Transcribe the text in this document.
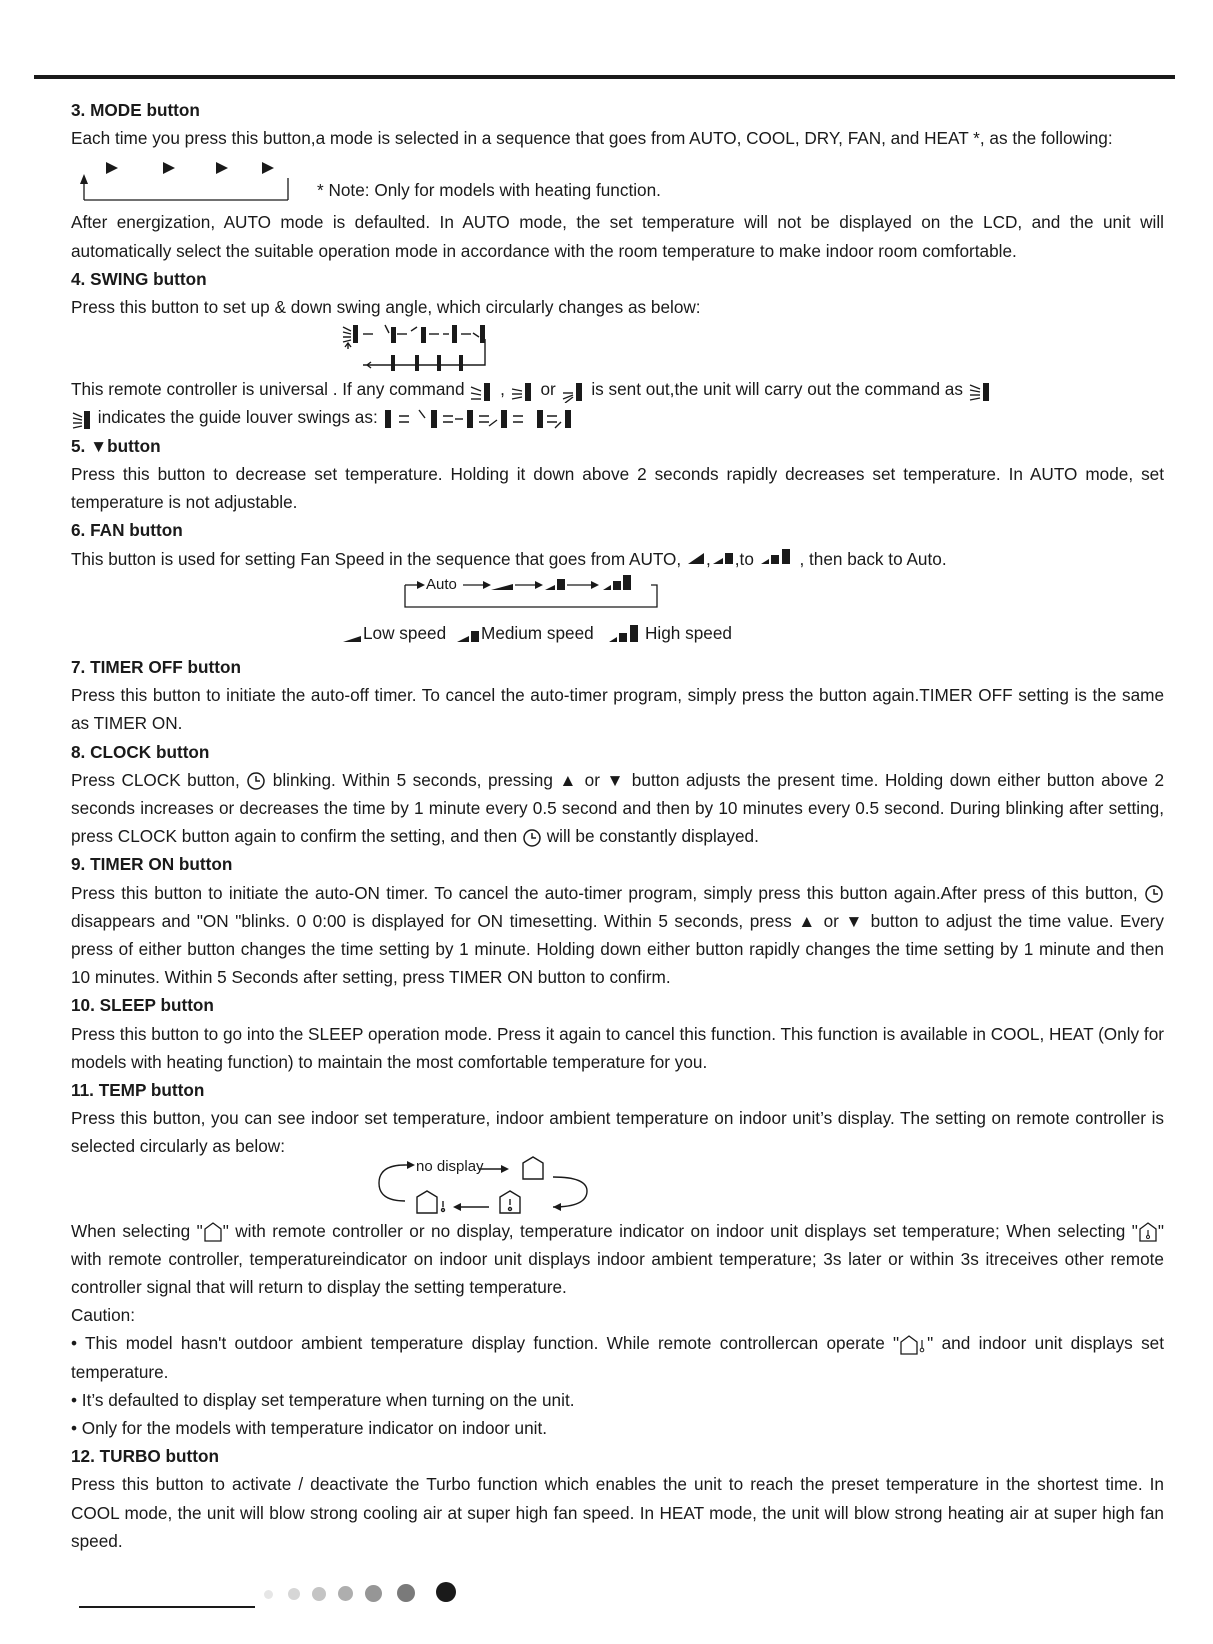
3. MODE button

Each time you press this button,a mode is selected in a sequence that goes from AUTO, COOL, DRY, FAN, and HEAT *, as the following:

* Note: Only for models with heating function.

After energization, AUTO mode is defaulted. In AUTO mode, the set temperature will not be displayed on the LCD, and the unit will automatically select the suitable operation mode in accordance with the room temperature to make indoor room comfortable.

4. SWING button

Press this button to set up & down swing angle, which circularly changes as below:

This remote controller is universal . If any command , or is sent out,the unit will carry out the command as

indicates the guide louver swings as:

5. ▼button

Press this button to decrease set temperature. Holding it down above 2 seconds rapidly decreases set temperature. In AUTO mode, set temperature is not adjustable.

6. FAN button

This button is used for setting Fan Speed in the sequence that goes from AUTO, , ,to	, then back to Auto.

Auto
Low speed Medium speed	High speed
7. TIMER OFF button

Press this button to initiate the auto-off timer. To cancel the auto-timer program, simply press the button again.TIMER OFF setting is the same as TIMER ON.

8. CLOCK button

Press CLOCK button, blinking. Within 5 seconds, pressing ▲ or ▼ button adjusts the present time. Holding down either button above 2 seconds increases or decreases the time by 1 minute every 0.5 second and then by 10 minutes every 0.5 second. During blinking after setting, press CLOCK button again to confirm the setting, and then will be constantly displayed.

9. TIMER ON button

Press this button to initiate the auto-ON timer. To cancel the auto-timer program, simply press this button again.After press of this button,  disappears and "ON "blinks. 0 0:00 is displayed for ON timesetting. Within 5 seconds, press ▲ or ▼ button to adjust the time value. Every press of either button changes the time setting by 1 minute. Holding down either button rapidly changes the time setting by 1 minute and then 10 minutes. Within 5 Seconds after setting, press TIMER ON button to confirm.

10. SLEEP button

Press this button to go into the SLEEP operation mode. Press it again to cancel this function. This function is available in COOL, HEAT (Only for models with heating function) to maintain the most comfortable temperature for you.

11. TEMP button

Press this button, you can see indoor set temperature, indoor ambient temperature on indoor unit’s display. The setting on remote controller is selected circularly as below:

no display

When selecting " " with remote controller or no display, temperature indicator on indoor unit displays set temperature; When selecting " " with remote controller, temperatureindicator on indoor unit displays indoor ambient temperature; 3s later or within 3s itreceives other remote controller signal that will return to display the setting temperature.

Caution:

• This model hasn't outdoor ambient temperature display function. While remote controllercan operate " " and indoor unit displays set temperature.

• It’s defaulted to display set temperature when turning on the unit.
• Only for the models with temperature indicator on indoor unit.
12. TURBO button

Press this button to activate / deactivate the Turbo function which enables the unit to reach the preset temperature in the shortest time. In COOL mode, the unit will blow strong cooling air at super high fan speed. In HEAT mode, the unit will blow strong heating air at super high fan speed.
